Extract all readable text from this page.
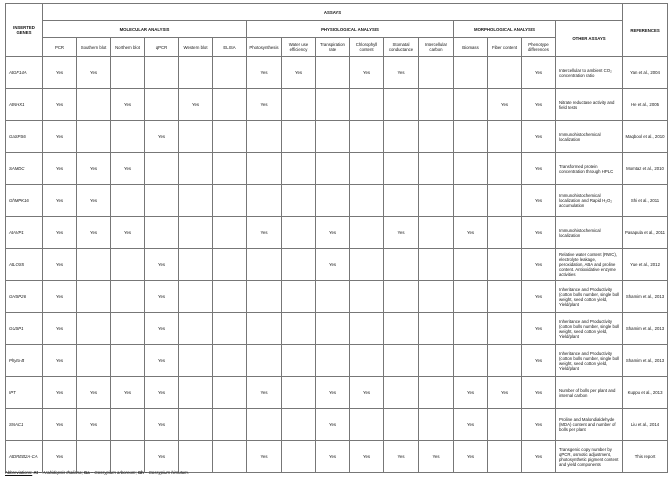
INSERTED GENES	ASSAYS																REFERENCES
	MOLECULAR ANALYSIS						PHYSIOLOGICAL ANALYSIS						MORPHOLOGICAL ANALYSIS			OTHER ASSAYS	
	PCR	Southern blot	Northern blot	qPCR	Western blot	ELISA	Photosynthesis	Water use efficiency	Transpiration rate	Chlorophyll content	Stomatal conductance	Intercellular carbon	Biomass	Fiber content	Phenotype differences		
AtGF14A	Yes	Yes					Yes	Yes		Yes	Yes				Yes	Intercellular to ambient CO₂ concentration ratio	Yan et al., 2004
AtNHX1	Yes		Yes		Yes		Yes							Yes	Yes	Nitrate reductase activity and field tests	He et al., 2005
GaSPS6	Yes			Yes											Yes	Immunohistochemical localization	Maqbool et al., 2010
SAMDC	Yes	Yes	Yes												Yes	Transformed protein concentration through HPLC	Momtaz et al., 2010
GhMPK16	Yes	Yes													Yes	Immunohistochemical localization and Rapid H₂O₂ accumulation	Shi et al., 2011
AtAVP1	Yes	Yes	Yes				Yes		Yes		Yes		Yes		Yes	Immunohistochemical localization	Pasapula et al., 2011
AtLOS5	Yes			Yes					Yes						Yes	Relative water content (RWC), electrolyte leakage, peroxidation, ABA and proline content. Antioxidative enzyme activities	Yue et al., 2012
GHSP26	Yes			Yes											Yes	Inheritance and Productivity (cotton bolls number, single boll weight, seed cotton yield, Yield/plant	Shamim et al., 2013
GUSP1	Yes			Yes											Yes	Inheritance and Productivity (cotton bolls number, single boll weight, seed cotton yield, Yield/plant	Shamim et al., 2013
Phyto-B	Yes			Yes											Yes	Inheritance and Productivity (cotton bolls number, single boll weight, seed cotton yield, Yield/plant	Shamim et al., 2013
IPT	Yes	Yes	Yes	Yes			Yes		Yes	Yes			Yes	Yes	Yes	Number of bolls per plant and internal carbon	Kuppu et al., 2013
SNAC1	Yes	Yes		Yes					Yes				Yes		Yes	Proline and Malondialdehyde (MDA) content and number of bolls per plant	Liu et al., 2014
AtDREB2A-CA	Yes			Yes			Yes		Yes	Yes	Yes	Yes	Yes		Yes	Transgenic copy number by qPCR, osmotic adjustment, photosynthetic pigment content and yield components	This report
Abbreviations: At – Arabidopsis thaliana; Ga – Gossypium arboreum; Gh – Gossypium hirsutum.
